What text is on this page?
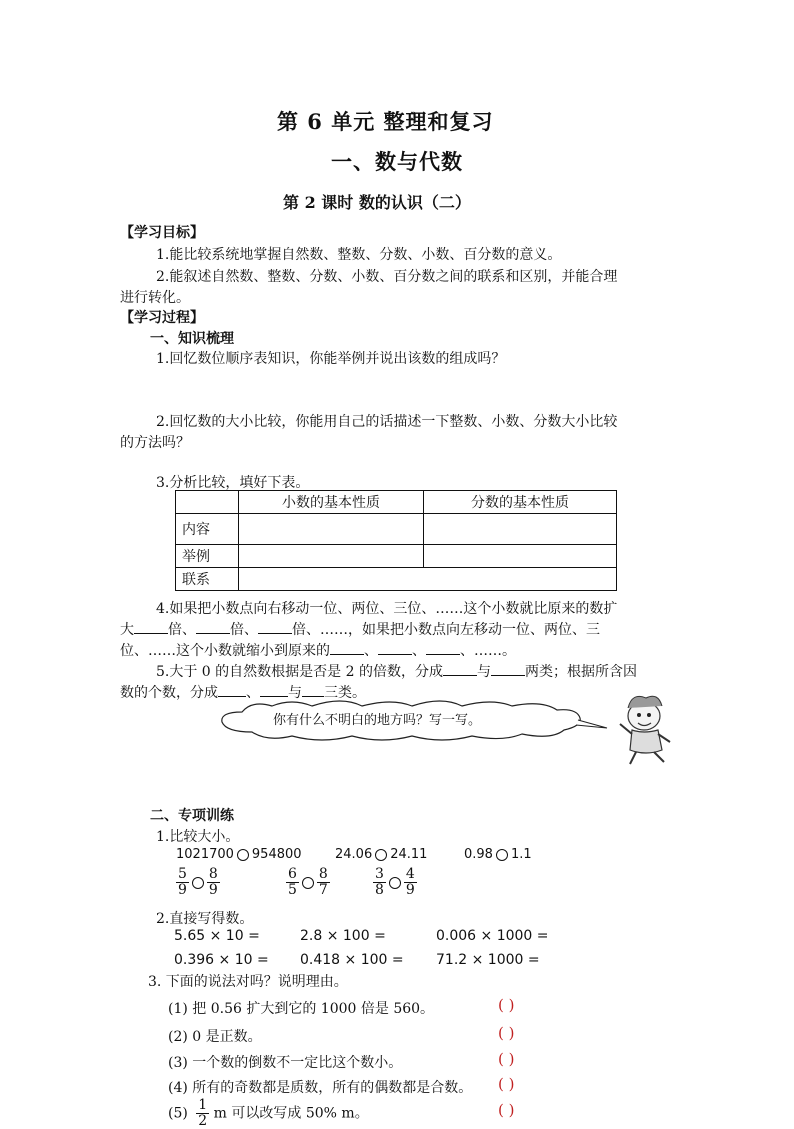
第 6 单元 整理和复习
一、数与代数
第 2 课时 数的认识（二）
【学习目标】
1.能比较系统地掌握自然数、整数、分数、小数、百分数的意义。
2.能叙述自然数、整数、分数、小数、百分数之间的联系和区别，并能合理
进行转化。
【学习过程】
一、知识梳理
1.回忆数位顺序表知识，你能举例并说出该数的组成吗？
2.回忆数的大小比较，你能用自己的话描述一下整数、小数、分数大小比较
的方法吗？
3.分析比较，填好下表。
	小数的基本性质	分数的基本性质
内容		
举例		
联系		
4.如果把小数点向右移动一位、两位、三位、……这个小数就比原来的数扩
大 倍、 倍、 倍、……，如果把小数点向左移动一位、两位、三
位、……这个小数就缩小到原来的 、 、 、……。
5.大于 0 的自然数根据是否是 2 的倍数，分成 与 两类；根据所含因
数的个数，分成 、 与 三类。
你有什么不明白的地方吗？写一写。
二、专项训练
1.比较大小。
1021700 954800	24.06 24.11	0.98 1.1
$\frac{5}{9} \frac{8}{9}$	$\frac{6}{5} \frac{8}{7}$	$\frac{3}{8} \frac{4}{9}$
2.直接写得数。
5.65 × 10 =	2.8 × 100 =	0.006 × 1000 =
0.396 × 10 = 0.418 × 100 = 71.2 × 1000 =
3. 下面的说法对吗？说明理由。
(1) 把 0.56 扩大到它的 1000 倍是 560。	( )
(2) 0 是正数。	( )
(3) 一个数的倒数不一定比这个数小。	( )
(4) 所有的奇数都是质数，所有的偶数都是合数。 ( )
$(5) \frac{1}{2}$ m 可以改写成 50% m。	( )
